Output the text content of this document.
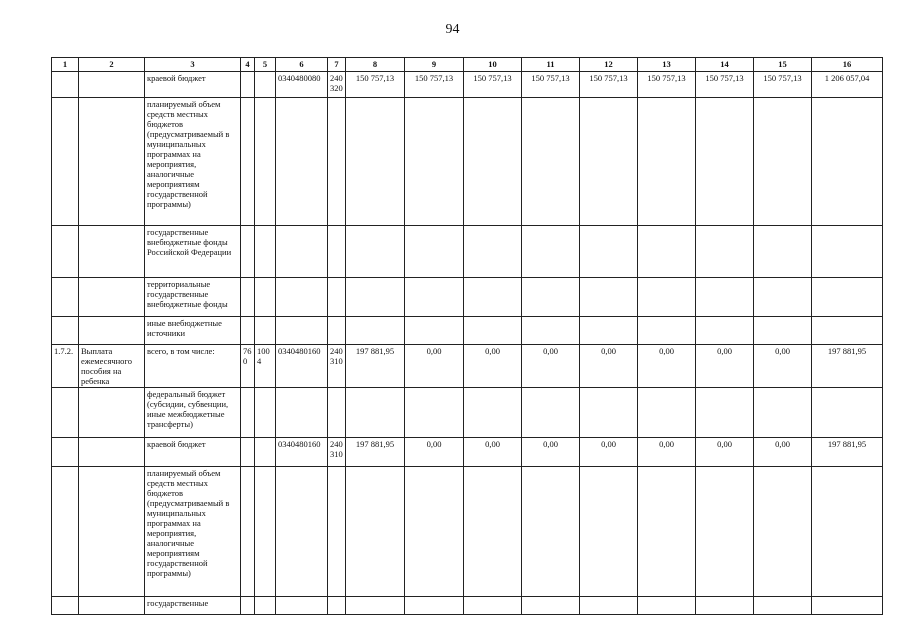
94
1	2	3	4	5	6	7	8	9	10	11	12	13	14	15	16
		краевой бюджет			0340480080	240 320	150 757,13	150 757,13	150 757,13	150 757,13	150 757,13	150 757,13	150 757,13	150 757,13	1 206 057,04
		планируемый объем средств местных бюджетов (предусматриваемый в муниципальных программах на мероприятия, аналогичные мероприятиям государственной программы)													
		государственные внебюджетные фонды Российской Федерации													
		территориальные государственные внебюджетные фонды													
		иные внебюджетные источники													
1.7.2.	Выплата ежемесячного пособия на ребенка	всего, в том числе:	760	1004	0340480160	240 310	197 881,95	0,00	0,00	0,00	0,00	0,00	0,00	0,00	197 881,95
		федеральный бюджет (субсидии, субвенции, иные межбюджетные трансферты)													
		краевой бюджет			0340480160	240 310	197 881,95	0,00	0,00	0,00	0,00	0,00	0,00	0,00	197 881,95
		планируемый объем средств местных бюджетов (предусматриваемый в муниципальных программах на мероприятия, аналогичные мероприятиям государственной программы)													
		государственные													
